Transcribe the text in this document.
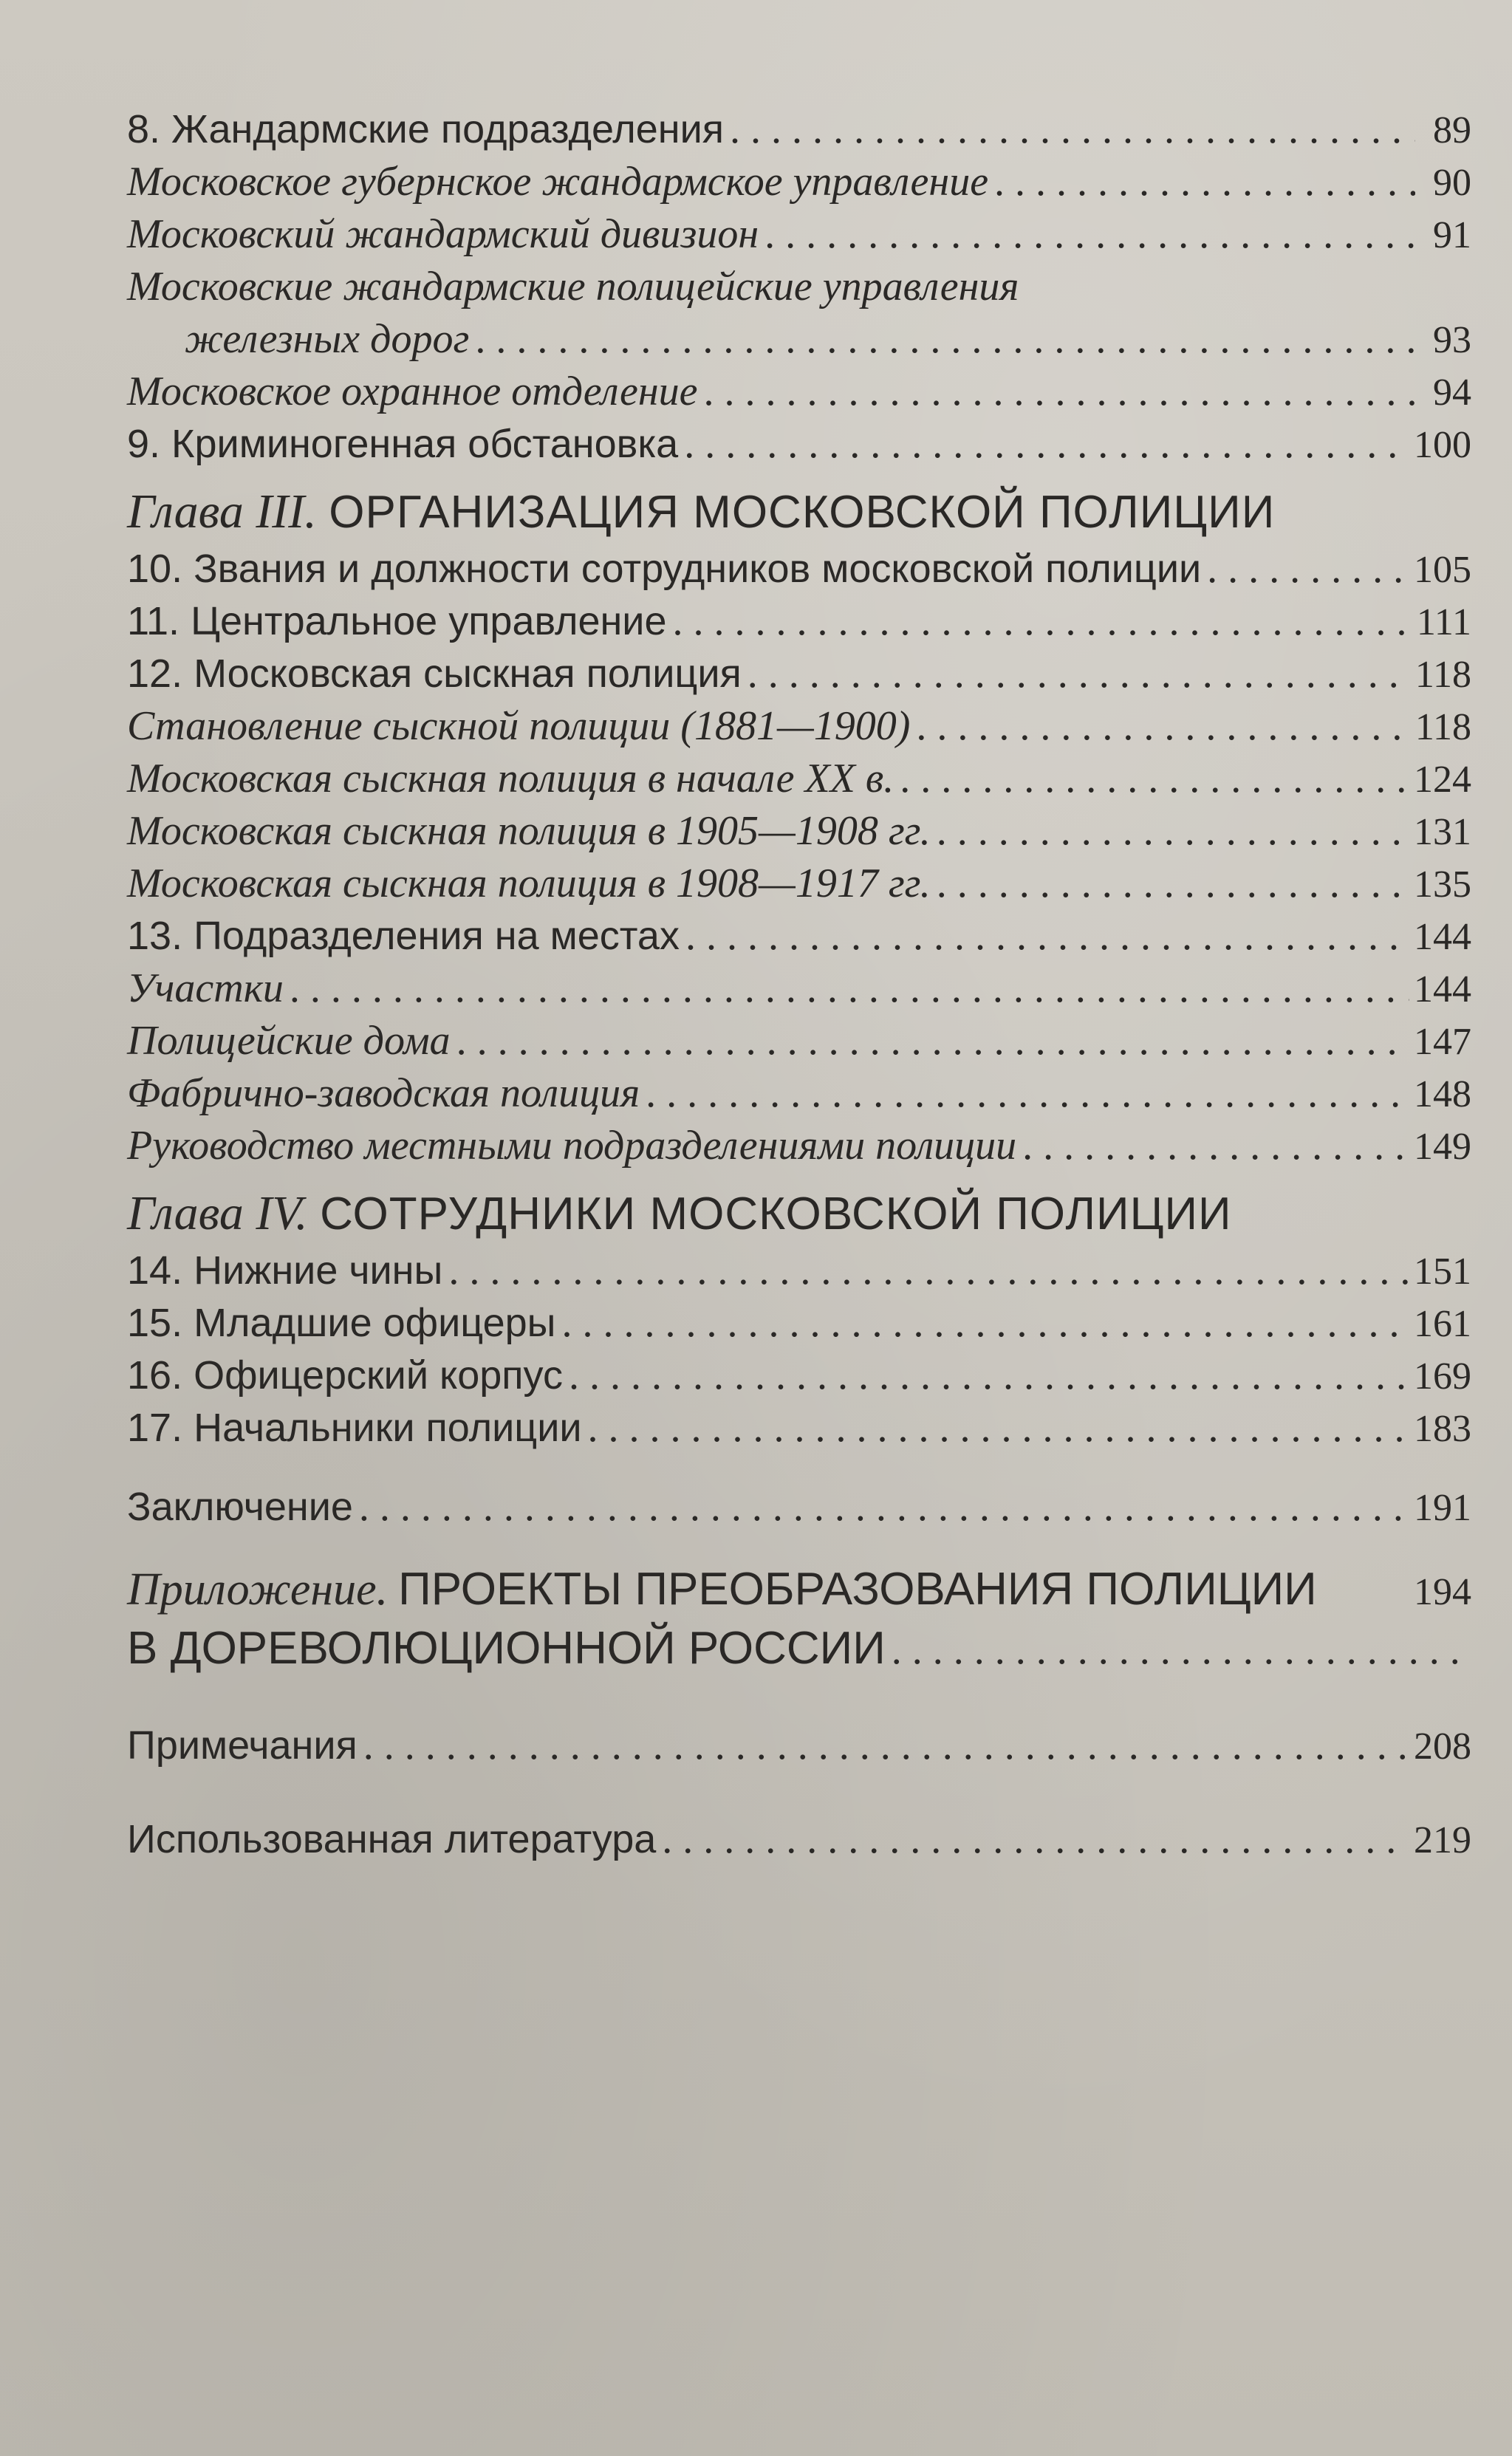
8. Жандармские подразделения . . .	89
Московское губернское жандармское управление . . .	90
Московский жандармский дивизион . . .	91
Московские жандармские полицейские управления
железных дорог . . .	93
Московское охранное отделение . . .	94
9. Криминогенная обстановка . . .	100
Глава III. ОРГАНИЗАЦИЯ МОСКОВСКОЙ ПОЛИЦИИ
10. Звания и должности сотрудников московской полиции . . .	105
11. Центральное управление . . .	111
12. Московская сыскная полиция . . .	118
Становление сыскной полиции (1881—1900) . . .	118
Московская сыскная полиция в начале XX в. . . .	124
Московская сыскная полиция в 1905—1908 гг. . . .	131
Московская сыскная полиция в 1908—1917 гг. . . .	135
13. Подразделения на местах . . .	144
Участки . . .	144
Полицейские дома . . .	147
Фабрично-заводская полиция . . .	148
Руководство местными подразделениями полиции . . .	149
Глава IV. СОТРУДНИКИ МОСКОВСКОЙ ПОЛИЦИИ
14. Нижние чины . . .	151
15. Младшие офицеры . . .	161
16. Офицерский корпус . . .	169
17. Начальники полиции . . .	183
Заключение . . .	191
Приложение. ПРОЕКТЫ ПРЕОБРАЗОВАНИЯ ПОЛИЦИИ	194
В ДОРЕВОЛЮЦИОННОЙ РОССИИ
. . .
Примечания . . .	208
Использованная литература . . .	219
